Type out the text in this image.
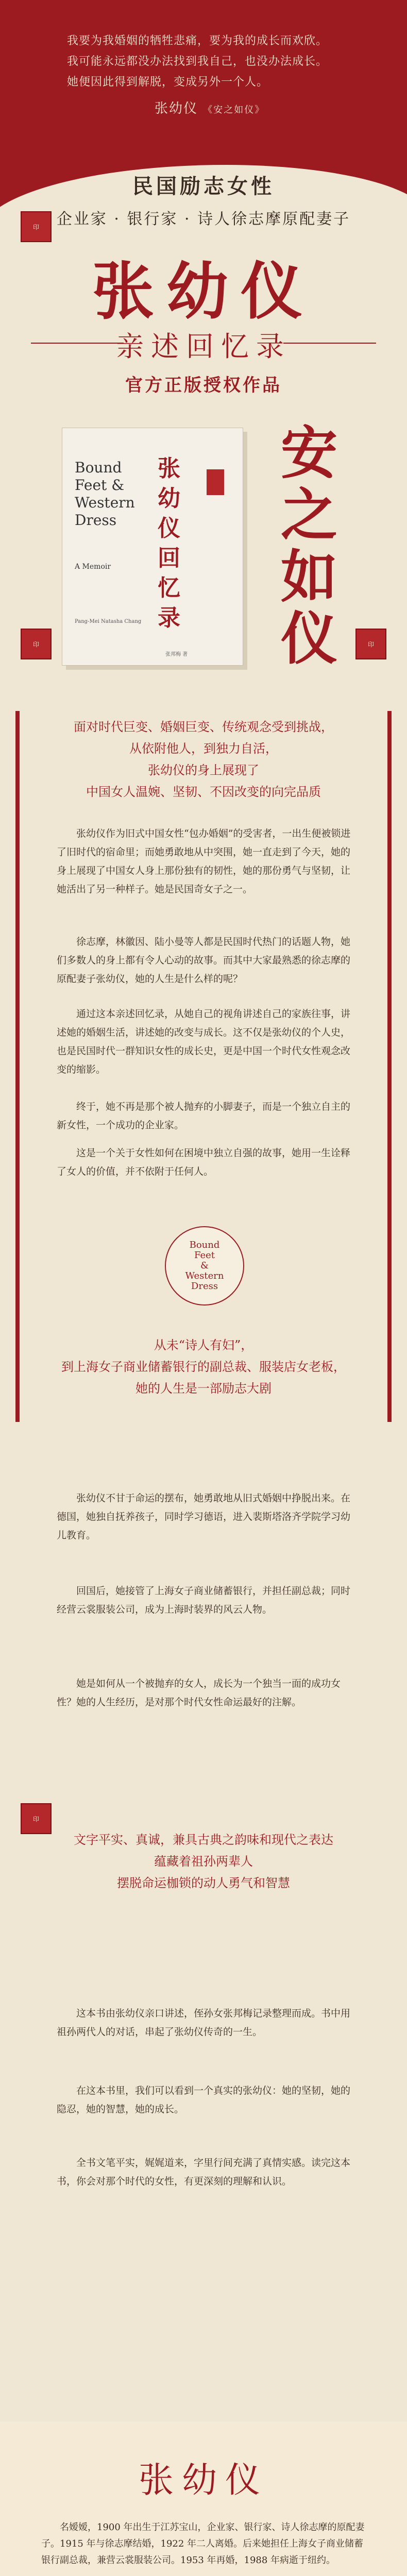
我要为我婚姻的牺牲悲痛，要为我的成长而欢欣。
我可能永远都没办法找到我自己，也没办法成长。
她便因此得到解脱，变成另外一个人。
张幼仪 《安之如仪》
印
民国励志女性
企业家 · 银行家 · 诗人徐志摩原配妻子
张幼仪
亲述回忆录
官方正版授权作品
Bound Feet & Western Dress
A Memoir
Pang-Mei Natasha Chang
张幼仪回忆录
张邦梅 著
安之如仪
印	印
面对时代巨变、婚姻巨变、传统观念受到挑战，
从依附他人，到独力自活，
张幼仪的身上展现了
中国女人温婉、坚韧、不因改变的向完品质
张幼仪作为旧式中国女性“包办婚姻”的受害者，一出生便被锁进了旧时代的宿命里；而她勇敢地从中突围，她一直走到了今天，她的身上展现了中国女人身上那份独有的韧性，她的那份勇气与坚韧，让她活出了另一种样子。她是民国奇女子之一。
徐志摩，林徽因、陆小曼等人都是民国时代热门的话题人物，她们多数人的身上都有令人心动的故事。而其中大家最熟悉的徐志摩的原配妻子张幼仪，她的人生是什么样的呢？
通过这本亲述回忆录，从她自己的视角讲述自己的家族往事，讲述她的婚姻生活，讲述她的改变与成长。这不仅是张幼仪的个人史，也是民国时代一群知识女性的成长史，更是中国一个时代女性观念改变的缩影。
终于，她不再是那个被人抛弃的小脚妻子，而是一个独立自主的新女性，一个成功的企业家。
这是一个关于女性如何在困境中独立自强的故事，她用一生诠释了女人的价值，并不依附于任何人。
Bound
Feet
&
Western
Dress
从未“诗人有妇”，
到上海女子商业储蓄银行的副总裁、服装店女老板，
她的人生是一部励志大剧
张幼仪不甘于命运的摆布，她勇敢地从旧式婚姻中挣脱出来。在德国，她独自抚养孩子，同时学习德语，进入裴斯塔洛齐学院学习幼儿教育。
回国后，她接管了上海女子商业储蓄银行，并担任副总裁；同时经营云裳服装公司，成为上海时装界的风云人物。
她是如何从一个被抛弃的女人，成长为一个独当一面的成功女性？她的人生经历，是对那个时代女性命运最好的注解。
印
文字平实、真诚，兼具古典之韵味和现代之表达
蕴藏着祖孙两辈人
摆脱命运枷锁的动人勇气和智慧
这本书由张幼仪亲口讲述，侄孙女张邦梅记录整理而成。书中用祖孙两代人的对话，串起了张幼仪传奇的一生。
在这本书里，我们可以看到一个真实的张幼仪：她的坚韧，她的隐忍，她的智慧，她的成长。
全书文笔平实，娓娓道来，字里行间充满了真情实感。读完这本书，你会对那个时代的女性，有更深刻的理解和认识。
张幼仪
名嫒嫒，1900 年出生于江苏宝山，企业家、银行家、诗人徐志摩的原配妻子。1915 年与徐志摩结婚，1922 年二人离婚。后来她担任上海女子商业储蓄银行副总裁，兼营云裳服装公司。1953 年再婚，1988 年病逝于纽约。
